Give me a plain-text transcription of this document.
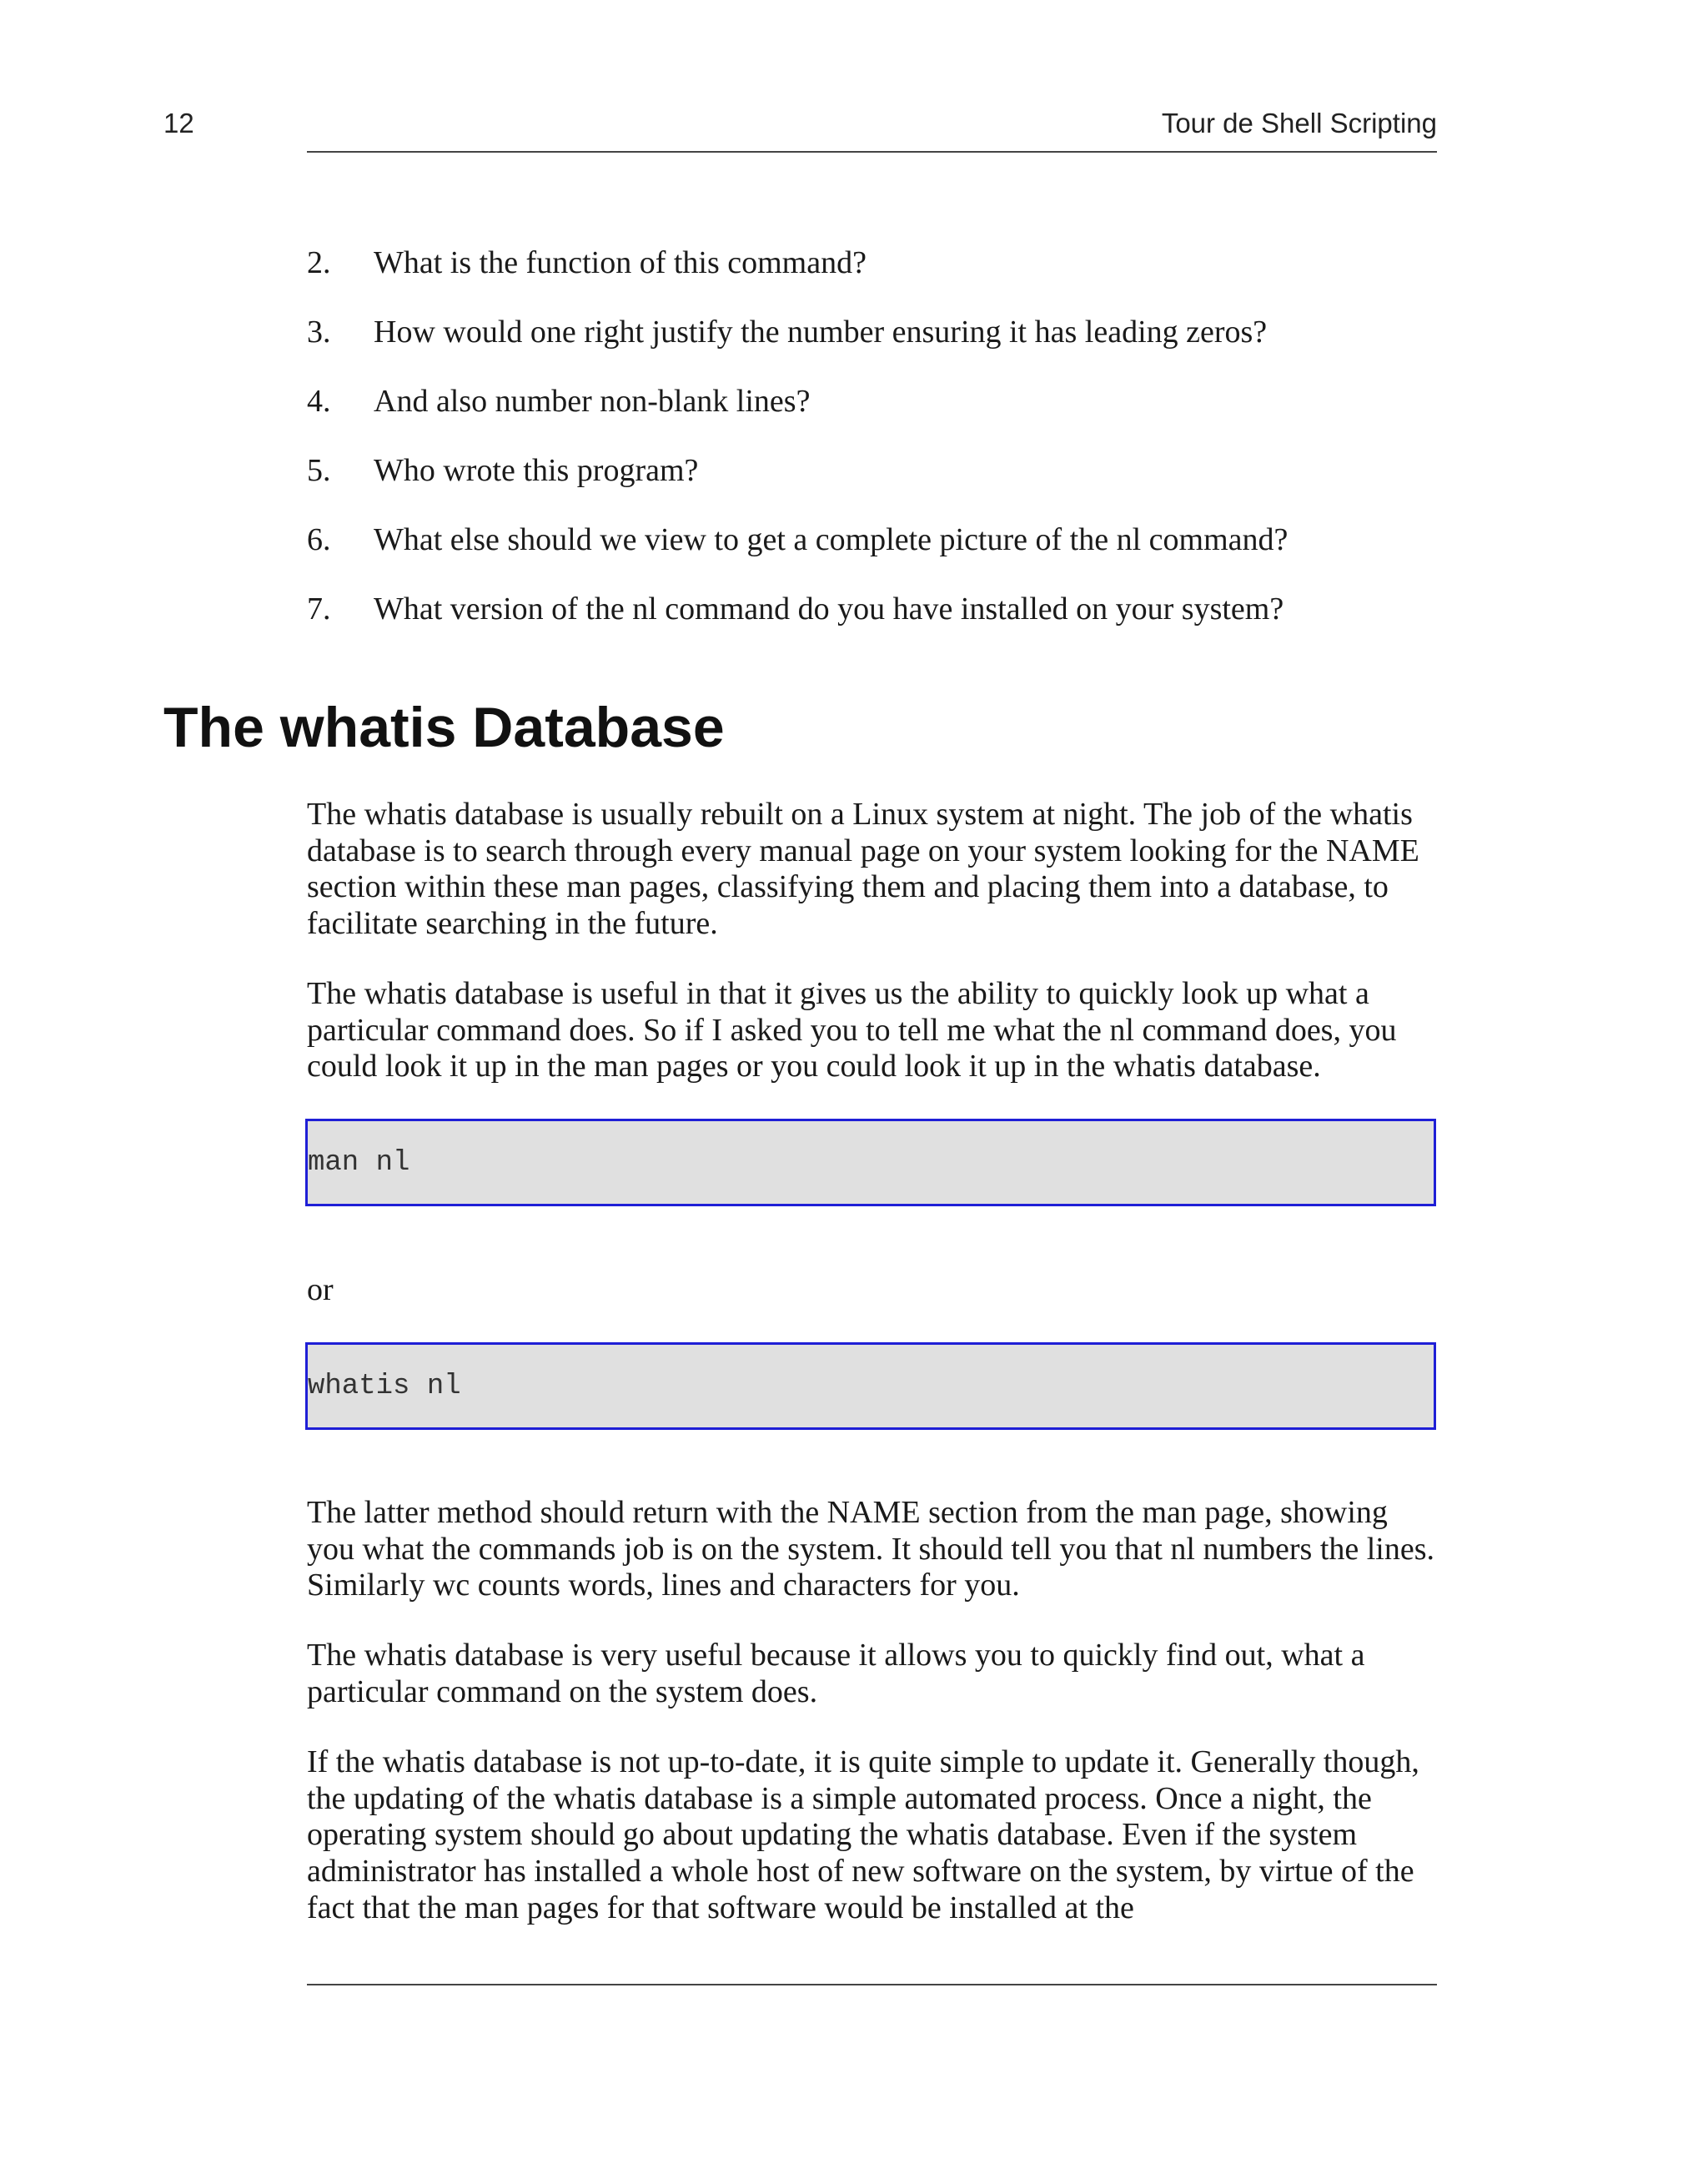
12	Tour de Shell Scripting
2.	What is the function of this command?
3.	How would one right justify the number ensuring it has leading zeros?
4.	And also number non-blank lines?
5.	Who wrote this program?
6.	What else should we view to get a complete picture of the nl command?
7.	What version of the nl command do you have installed on your system?
The whatis Database

The whatis database is usually rebuilt on a Linux system at night. The job of the whatis database is to search through every manual page on your system looking for the NAME section within these man pages, classifying them and placing them into a database, to facilitate searching in the future.

The whatis database is useful in that it gives us the ability to quickly look up what a particular command does. So if I asked you to tell me what the nl command does, you could look it up in the man pages or you could look it up in the whatis database.

man nl
or
whatis nl

The latter method should return with the NAME section from the man page, showing you what the commands job is on the system. It should tell you that nl numbers the lines. Similarly wc counts words, lines and characters for you.

The whatis database is very useful because it allows you to quickly find out, what a particular command on the system does.

If the whatis database is not up-to-date, it is quite simple to update it. Generally though, the updating of the whatis database is a simple automated process. Once a night, the operating system should go about updating the whatis database. Even if the system administrator has installed a whole host of new software on the system, by virtue of the fact that the man pages for that software would be installed at the
